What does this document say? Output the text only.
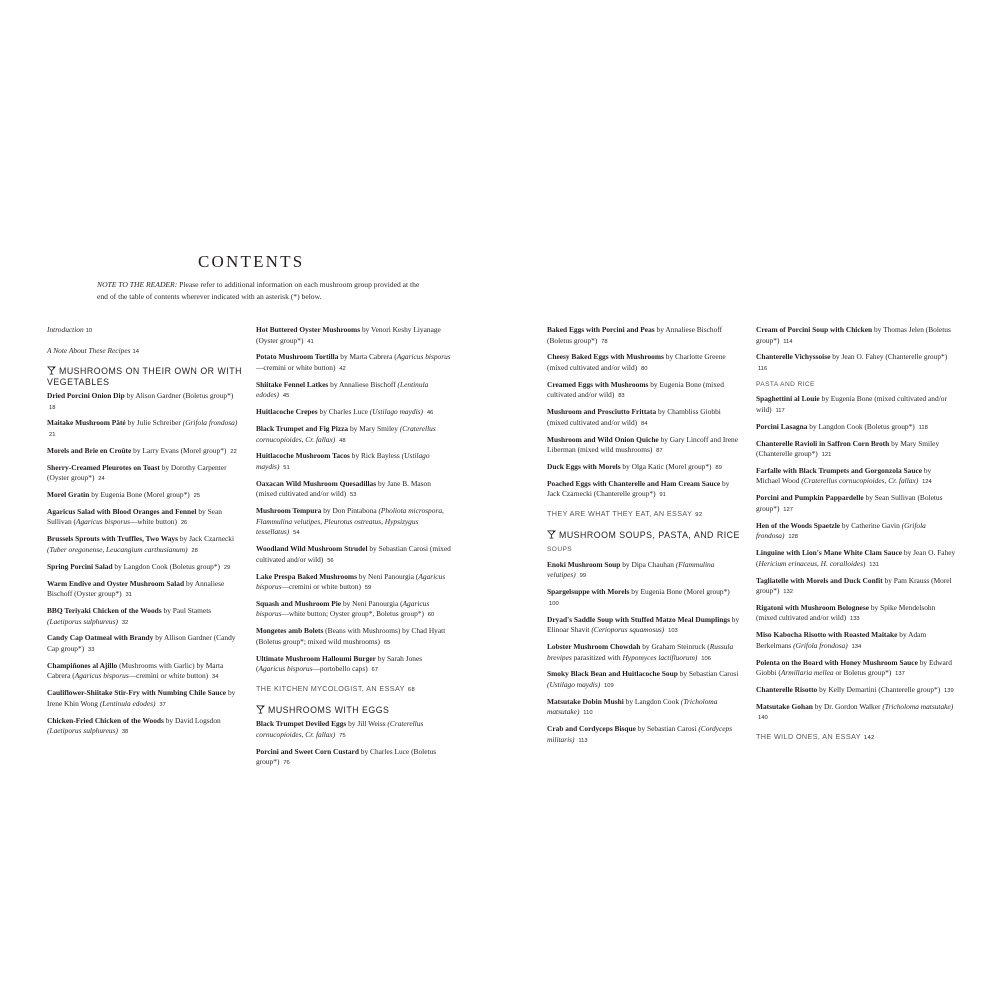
CONTENTS
NOTE TO THE READER: Please refer to additional information on each mushroom group provided at the end of the table of contents wherever indicated with an asterisk (*) below.
Introduction 10
A Note About These Recipes 14
MUSHROOMS ON THEIR OWN OR WITH VEGETABLES
Dried Porcini Onion Dip by Alison Gardner (Boletus group*) 18
Maitake Mushroom Pâté by Julie Schreiber (Grifola frondosa) 21
Morels and Brie en Croûte by Larry Evans (Morel group*) 22
Sherry-Creamed Pleurotes on Toast by Dorothy Carpenter (Oyster group*) 24
Morel Gratin by Eugenia Bone (Morel group*) 25
Agaricus Salad with Blood Oranges and Fennel by Sean Sullivan (Agaricus bisporus—white button) 26
Brussels Sprouts with Truffles, Two Ways by Jack Czarnecki (Tuber oregonense, Leucangium carthusianum) 28
Spring Porcini Salad by Langdon Cook (Boletus group*) 29
Warm Endive and Oyster Mushroom Salad by Annaliese Bischoff (Oyster group*) 31
BBQ Teriyaki Chicken of the Woods by Paul Stamets (Laetiporus sulphureus) 32
Candy Cap Oatmeal with Brandy by Allison Gardner (Candy Cap group*) 33
Champiñones al Ajillo (Mushrooms with Garlic) by Marta Cabrera (Agaricus bisporus—cremini or white button) 34
Cauliflower-Shiitake Stir-Fry with Numbing Chile Sauce by Irene Khin Wong (Lentinula edodes) 37
Chicken-Fried Chicken of the Woods by David Logsdon (Laetiporus sulphureus) 38
Hot Buttered Oyster Mushrooms by Venori Keshy Liyanage (Oyster group*) 41
Potato Mushroom Tortilla by Marta Cabrera (Agaricus bisporus—cremini or white button) 42
Shiitake Fennel Latkes by Annaliese Bischoff (Lentinula edodes) 45
Huitlacoche Crepes by Charles Luce (Ustilago maydis) 46
Black Trumpet and Fig Pizza by Mary Smiley (Craterellus cornucopioides, Cr. fallax) 48
Huitlacoche Mushroom Tacos by Rick Bayless (Ustilago maydis) 51
Oaxacan Wild Mushroom Quesadillas by Jane B. Mason (mixed cultivated and/or wild) 53
Mushroom Tempura by Don Pintabona (Pholiota microspora, Flammulina velutipes, Pleurotus ostreatus, Hypsizygus tessellatus) 54
Woodland Wild Mushroom Strudel by Sebastian Carosi (mixed cultivated and/or wild) 56
Lake Prespa Baked Mushrooms by Neni Panourgia (Agaricus bisporus—cremini or white button) 59
Squash and Mushroom Pie by Neni Panourgia (Agaricus bisporus—white button; Oyster group*, Boletus group*) 60
Mongetes amb Bolets (Beans with Mushrooms) by Chad Hyatt (Boletus group*; mixed wild mushrooms) 65
Ultimate Mushroom Halloumi Burger by Sarah Jones (Agaricus bisporus—portobello caps) 67
THE KITCHEN MYCOLOGIST, AN ESSAY 68
MUSHROOMS WITH EGGS
Black Trumpet Deviled Eggs by Jill Weiss (Craterellus cornucopioides, Cr. fallax) 75
Porcini and Sweet Corn Custard by Charles Luce (Boletus group*) 76
Baked Eggs with Porcini and Peas by Annaliese Bischoff (Boletus group*) 78
Cheesy Baked Eggs with Mushrooms by Charlotte Greene (mixed cultivated and/or wild) 80
Creamed Eggs with Mushrooms by Eugenia Bone (mixed cultivated and/or wild) 83
Mushroom and Prosciutto Frittata by Chambliss Giobbi (mixed cultivated and/or wild) 84
Mushroom and Wild Onion Quiche by Gary Lincoff and Irene Liberman (mixed wild mushrooms) 87
Duck Eggs with Morels by Olga Katic (Morel group*) 89
Poached Eggs with Chanterelle and Ham Cream Sauce by Jack Czarnecki (Chanterelle group*) 91
THEY ARE WHAT THEY EAT, AN ESSAY 92
MUSHROOM SOUPS, PASTA, AND RICE
SOUPS
Enoki Mushroom Soup by Dipa Chauhan (Flammulina velutipes) 99
Spargelsuppe with Morels by Eugenia Bone (Morel group*) 100
Dryad's Saddle Soup with Stuffed Matzo Meal Dumplings by Elinoar Shavit (Cerioporus squamosus) 103
Lobster Mushroom Chowdah by Graham Steinruck (Russula brevipes parasitized with Hypomyces lactifluorum) 106
Smoky Black Bean and Huitlacoche Soup by Sebastian Carosi (Ustilago maydis) 109
Matsutake Dobin Mushi by Langdon Cook (Tricholoma matsutake) 110
Crab and Cordyceps Bisque by Sebastian Carosi (Cordyceps militaris) 113
Cream of Porcini Soup with Chicken by Thomas Jelen (Boletus group*) 114
Chanterelle Vichyssoise by Jean O. Fahey (Chanterelle group*) 116
PASTA AND RICE
Spaghettini al Louie by Eugenia Bone (mixed cultivated and/or wild) 117
Porcini Lasagna by Langdon Cook (Boletus group*) 118
Chanterelle Ravioli in Saffron Corn Broth by Mary Smiley (Chanterelle group*) 121
Farfalle with Black Trumpets and Gorgonzola Sauce by Michael Wood (Craterellus cornucopioides, Cr. fallax) 124
Porcini and Pumpkin Pappardelle by Sean Sullivan (Boletus group*) 127
Hen of the Woods Spaetzle by Catherine Gavin (Grifola frondosa) 128
Linguine with Lion's Mane White Clam Sauce by Jean O. Fahey (Hericium erinaceus, H. coralloides) 131
Tagliatelle with Morels and Duck Confit by Pam Krauss (Morel group*) 132
Rigatoni with Mushroom Bolognese by Spike Mendelsohn (mixed cultivated and/or wild) 133
Miso Kabocha Risotto with Roasted Maitake by Adam Berkelmans (Grifola frondosa) 134
Polenta on the Board with Honey Mushroom Sauce by Edward Giobbi (Armillaria mellea or Boletus group*) 137
Chanterelle Risotto by Kelly Demartini (Chanterelle group*) 139
Matsutake Gohan by Dr. Gordon Walker (Tricholoma matsutake) 140
THE WILD ONES, AN ESSAY 142
